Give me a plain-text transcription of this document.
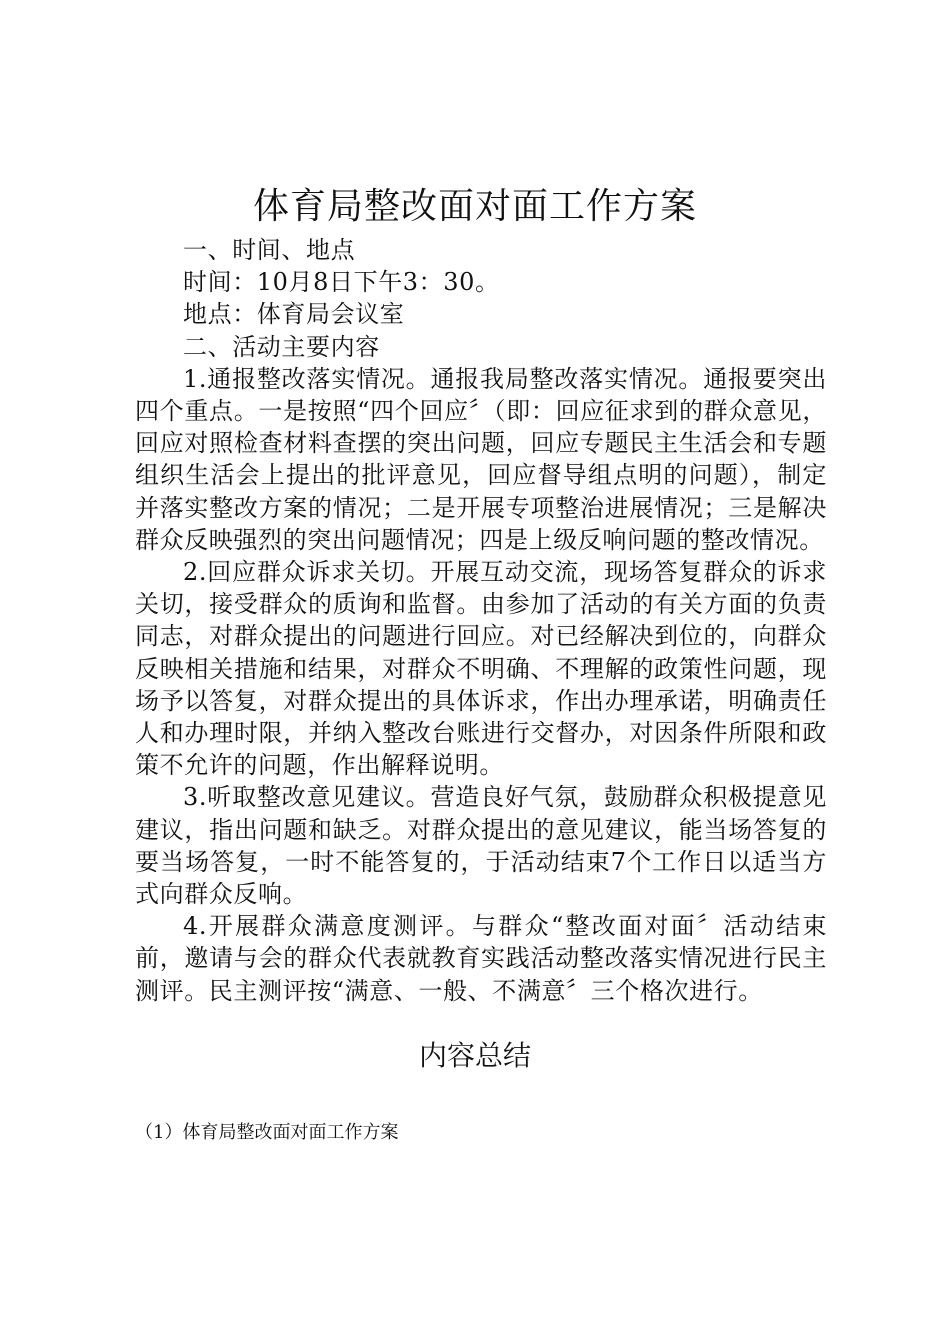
体育局整改面对面工作方案

一、时间、地点

时间：10月8日下午3：30。

地点：体育局会议室

二、活动主要内容

1.通报整改落实情况。通报我局整改落实情况。通报要突出四个重点。一是按照“四个回应〞（即：回应征求到的群众意见，回应对照检查材料查摆的突出问题，回应专题民主生活会和专题组织生活会上提出的批评意见，回应督导组点明的问题），制定并落实整改方案的情况；二是开展专项整治进展情况；三是解决群众反映强烈的突出问题情况；四是上级反响问题的整改情况。

2.回应群众诉求关切。开展互动交流，现场答复群众的诉求关切，接受群众的质询和监督。由参加了活动的有关方面的负责同志，对群众提出的问题进行回应。对已经解决到位的，向群众反映相关措施和结果，对群众不明确、不理解的政策性问题，现场予以答复，对群众提出的具体诉求，作出办理承诺，明确责任人和办理时限，并纳入整改台账进行交督办，对因条件所限和政策不允许的问题，作出解释说明。

3.听取整改意见建议。营造良好气氛，鼓励群众积极提意见建议，指出问题和缺乏。对群众提出的意见建议，能当场答复的要当场答复，一时不能答复的，于活动结束7个工作日以适当方式向群众反响。

4.开展群众满意度测评。与群众“整改面对面〞活动结束前，邀请与会的群众代表就教育实践活动整改落实情况进行民主测评。民主测评按“满意、一般、不满意〞三个格次进行。

内容总结

（1）体育局整改面对面工作方案
